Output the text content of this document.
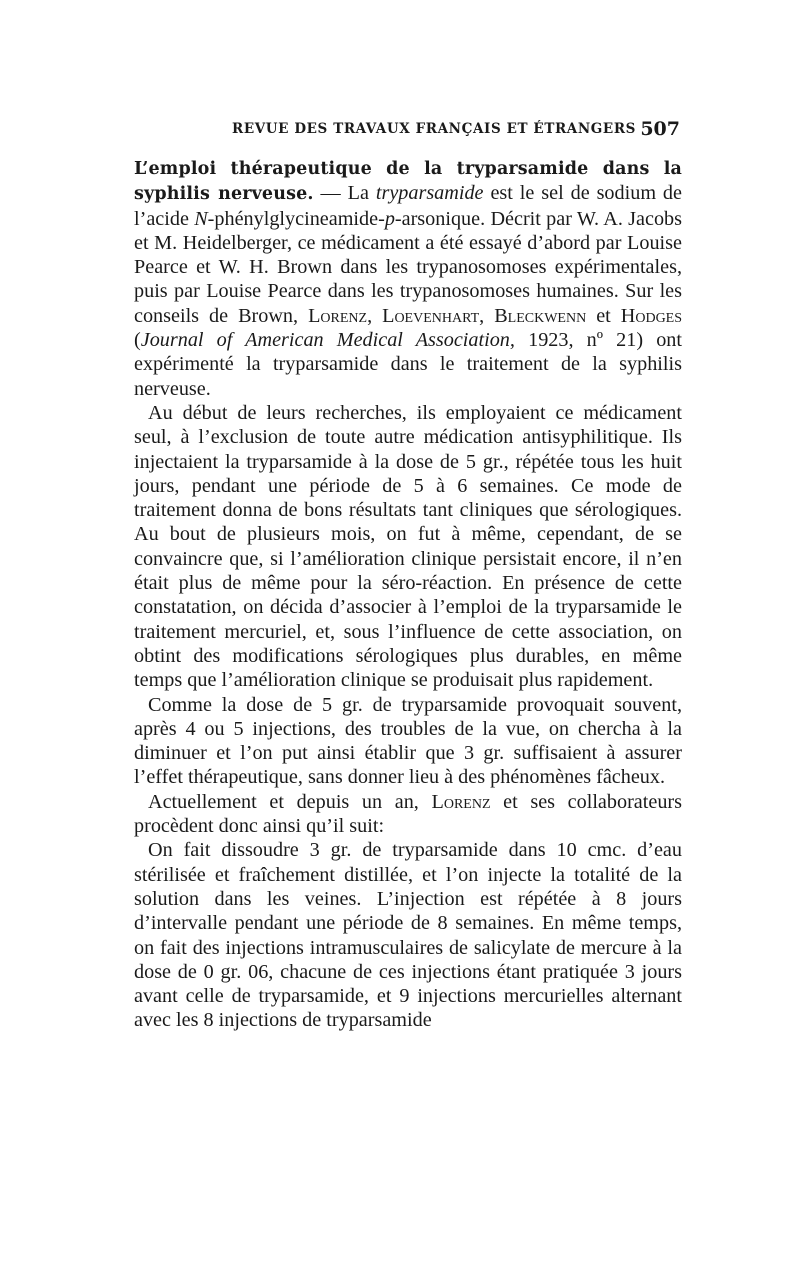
REVUE DES TRAVAUX FRANÇAIS ET ÉTRANGERS 507

L’emploi thérapeutique de la tryparsamide dans la syphilis nerveuse. — La tryparsamide est le sel de sodium de l’acide N-phénylglycineamide-p-arsonique. Décrit par W. A. Jacobs et M. Heidelberger, ce médicament a été essayé d’abord par Louise Pearce et W. H. Brown dans les trypanosomoses expérimentales, puis par Louise Pearce dans les trypanosomoses humaines. Sur les conseils de Brown, Lorenz, Loevenhart, Bleckwenn et Hodges (Journal of American Medical Association, 1923, nº 21) ont expérimenté la tryparsamide dans le traitement de la syphilis nerveuse.

Au début de leurs recherches, ils employaient ce médicament seul, à l’exclusion de toute autre médication antisyphilitique. Ils injectaient la tryparsamide à la dose de 5 gr., répétée tous les huit jours, pendant une période de 5 à 6 semaines. Ce mode de traitement donna de bons résultats tant cliniques que sérologiques. Au bout de plusieurs mois, on fut à même, cependant, de se convaincre que, si l’amélioration clinique persistait encore, il n’en était plus de même pour la séro-réaction. En présence de cette constatation, on décida d’associer à l’emploi de la tryparsamide le traitement mercuriel, et, sous l’influence de cette association, on obtint des modifications sérologiques plus durables, en même temps que l’amélioration clinique se produisait plus rapidement.

Comme la dose de 5 gr. de tryparsamide provoquait souvent, après 4 ou 5 injections, des troubles de la vue, on chercha à la diminuer et l’on put ainsi établir que 3 gr. suffisaient à assurer l’effet thérapeutique, sans donner lieu à des phénomènes fâcheux.

Actuellement et depuis un an, Lorenz et ses collaborateurs procèdent donc ainsi qu’il suit:

On fait dissoudre 3 gr. de tryparsamide dans 10 cmc. d’eau stérilisée et fraîchement distillée, et l’on injecte la totalité de la solution dans les veines. L’injection est répétée à 8 jours d’intervalle pendant une période de 8 semaines. En même temps, on fait des injections intramusculaires de salicylate de mercure à la dose de 0 gr. 06, chacune de ces injections étant pratiquée 3 jours avant celle de tryparsamide, et 9 injections mercurielles alternant avec les 8 injections de tryparsamide
